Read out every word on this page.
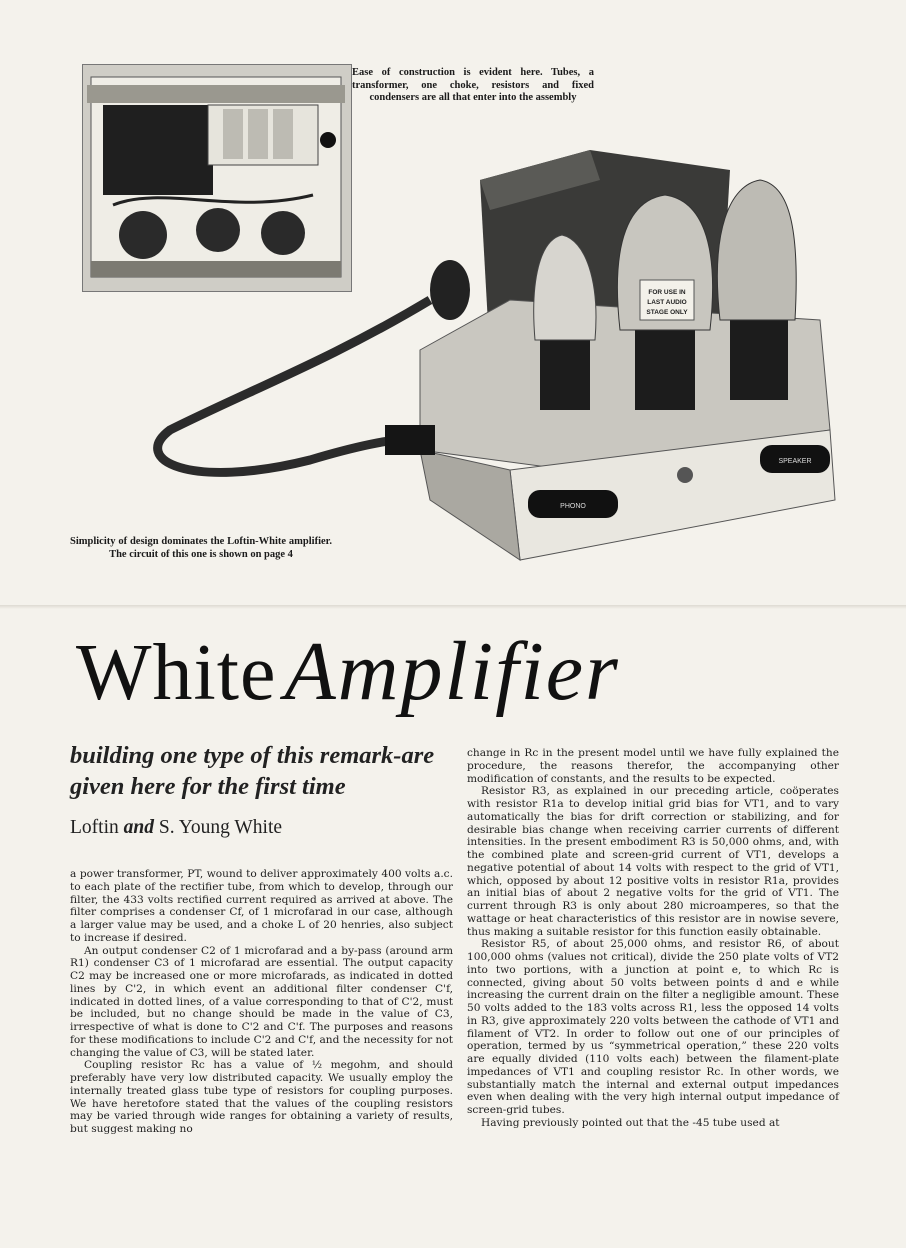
Ease of construction is evident here. Tubes, a transformer, one choke, resistors and fixed condensers are all that enter into the assembly

FOR USE IN
LAST AUDIO
STAGE ONLY
PHONO
SPEAKER

Simplicity of design dominates the Loftin-White amplifier. The circuit of this one is shown on page 4

White Amplifier

building one type of this remark-are given here for the first time

Loftin and S. Young White

a power transformer, PT, wound to deliver approximately 400 volts a.c. to each plate of the rectifier tube, from which to develop, through our filter, the 433 volts rectified current required as arrived at above. The filter comprises a condenser Cf, of 1 microfarad in our case, although a larger value may be used, and a choke L of 20 henries, also subject to increase if desired.

An output condenser C2 of 1 microfarad and a by-pass (around arm R1) condenser C3 of 1 microfarad are essential. The output capacity C2 may be increased one or more microfarads, as indicated in dotted lines by C'2, in which event an additional filter condenser C'f, indicated in dotted lines, of a value corresponding to that of C'2, must be included, but no change should be made in the value of C3, irrespective of what is done to C'2 and C'f. The purposes and reasons for these modifications to include C'2 and C'f, and the necessity for not changing the value of C3, will be stated later.

Coupling resistor Rc has a value of ½ megohm, and should preferably have very low distributed capacity. We usually employ the internally treated glass tube type of resistors for coupling purposes. We have heretofore stated that the values of the coupling resistors may be varied through wide ranges for obtaining a variety of results, but suggest making no

change in Rc in the present model until we have fully explained the procedure, the reasons therefor, the accompanying other modification of constants, and the results to be expected.

Resistor R3, as explained in our preceding article, coöperates with resistor R1a to develop initial grid bias for VT1, and to vary automatically the bias for drift correction or stabilizing, and for desirable bias change when receiving carrier currents of different intensities. In the present embodiment R3 is 50,000 ohms, and, with the combined plate and screen-grid current of VT1, develops a negative potential of about 14 volts with respect to the grid of VT1, which, opposed by about 12 positive volts in resistor R1a, provides an initial bias of about 2 negative volts for the grid of VT1. The current through R3 is only about 280 microamperes, so that the wattage or heat characteristics of this resistor are in nowise severe, thus making a suitable resistor for this function easily obtainable.

Resistor R5, of about 25,000 ohms, and resistor R6, of about 100,000 ohms (values not critical), divide the 250 plate volts of VT2 into two portions, with a junction at point e, to which Rc is connected, giving about 50 volts between points d and e while increasing the current drain on the filter a negligible amount. These 50 volts added to the 183 volts across R1, less the opposed 14 volts in R3, give approximately 220 volts between the cathode of VT1 and filament of VT2. In order to follow out one of our principles of operation, termed by us “symmetrical operation,” these 220 volts are equally divided (110 volts each) between the filament-plate impedances of VT1 and coupling resistor Rc. In other words, we substantially match the internal and external output impedances even when dealing with the very high internal output impedance of screen-grid tubes.

Having previously pointed out that the -45 tube used at
